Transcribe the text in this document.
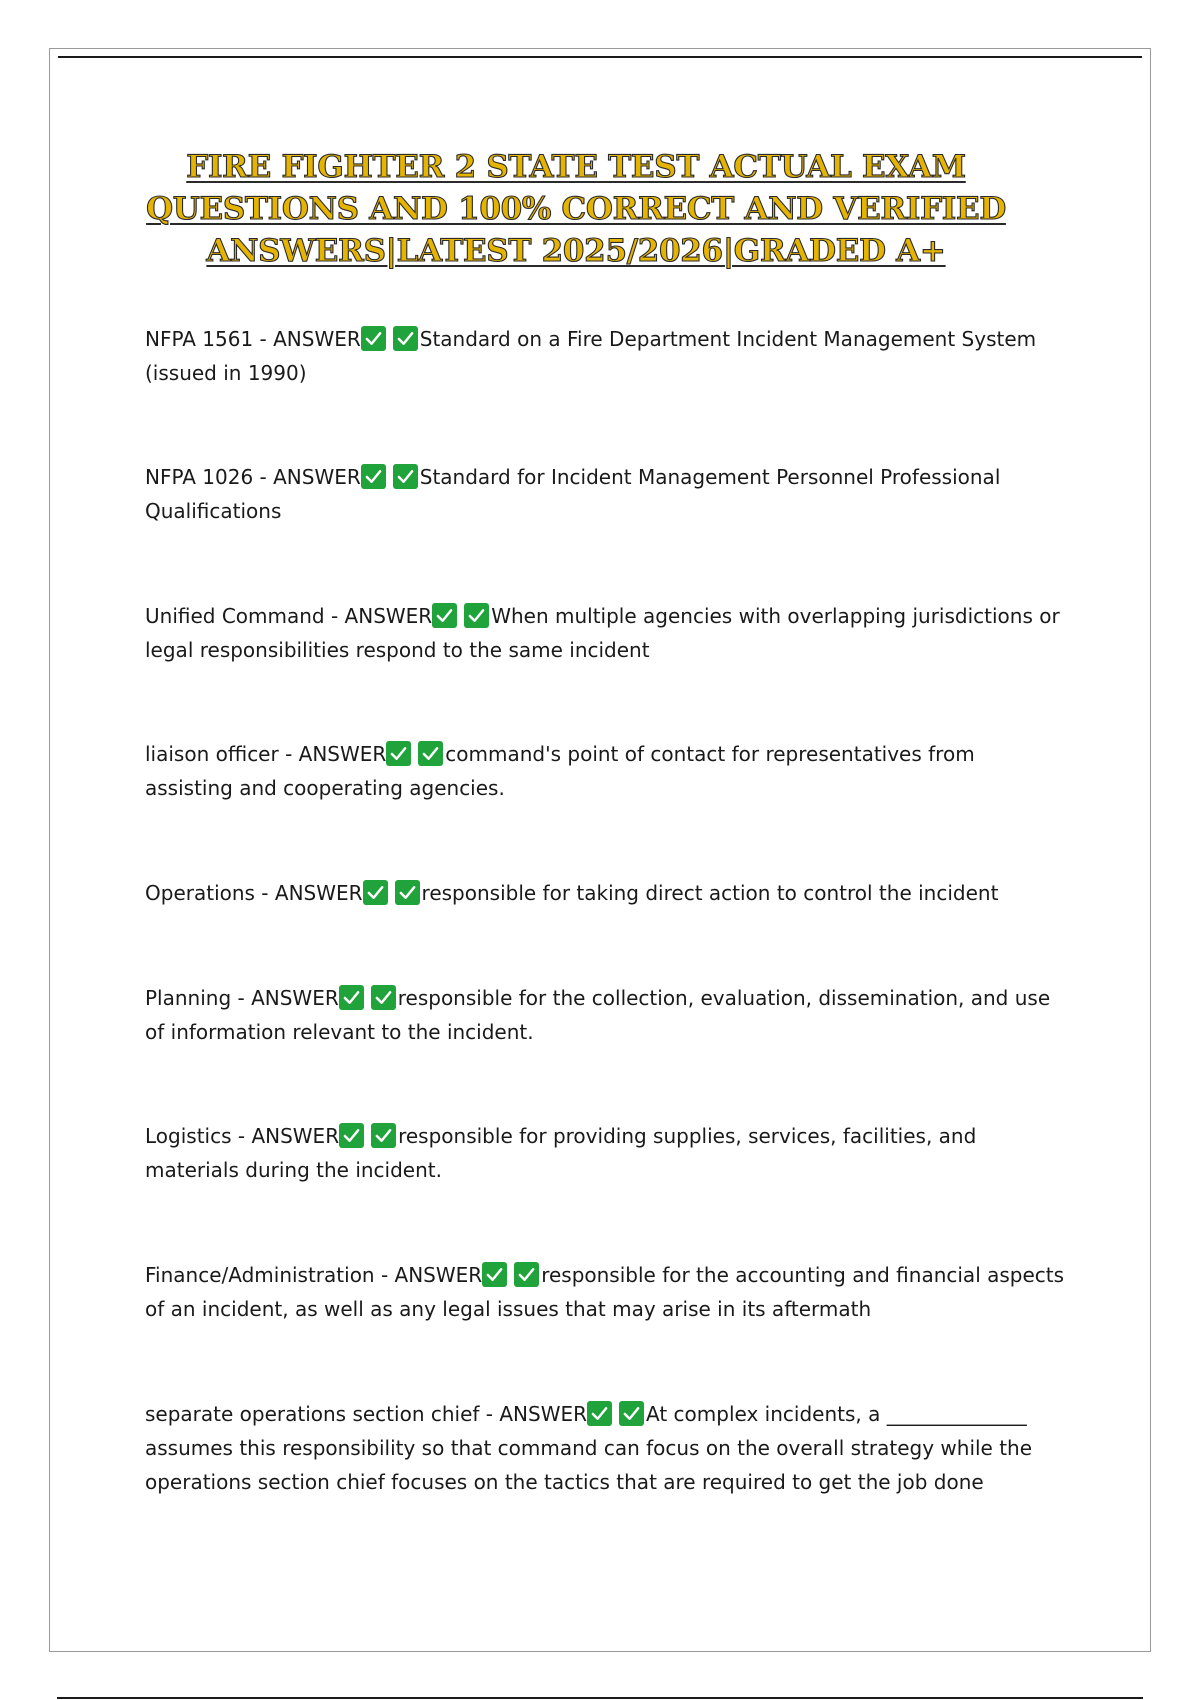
FIRE FIGHTER 2 STATE TEST ACTUAL EXAM QUESTIONS AND 100% CORRECT AND VERIFIED ANSWERS|LATEST 2025/2026|GRADED A+

NFPA 1561 - ANSWER	Standard on a Fire Department Incident Management System (issued in 1990)

NFPA 1026 - ANSWER	Standard for Incident Management Personnel Professional Qualifications

Unified Command - ANSWER	When multiple agencies with overlapping jurisdictions or legal responsibilities respond to the same incident

liaison officer - ANSWER	command's point of contact for representatives from assisting and cooperating agencies.

Operations - ANSWER	responsible for taking direct action to control the incident

Planning - ANSWER	responsible for the collection, evaluation, dissemination, and use of information relevant to the incident.

Logistics - ANSWER	responsible for providing supplies, services, facilities, and materials during the incident.

Finance/Administration - ANSWER	responsible for the accounting and financial aspects of an incident, as well as any legal issues that may arise in its aftermath

separate operations section chief - ANSWER	At complex incidents, a ______________ assumes this responsibility so that command can focus on the overall strategy while the operations section chief focuses on the tactics that are required to get the job done
